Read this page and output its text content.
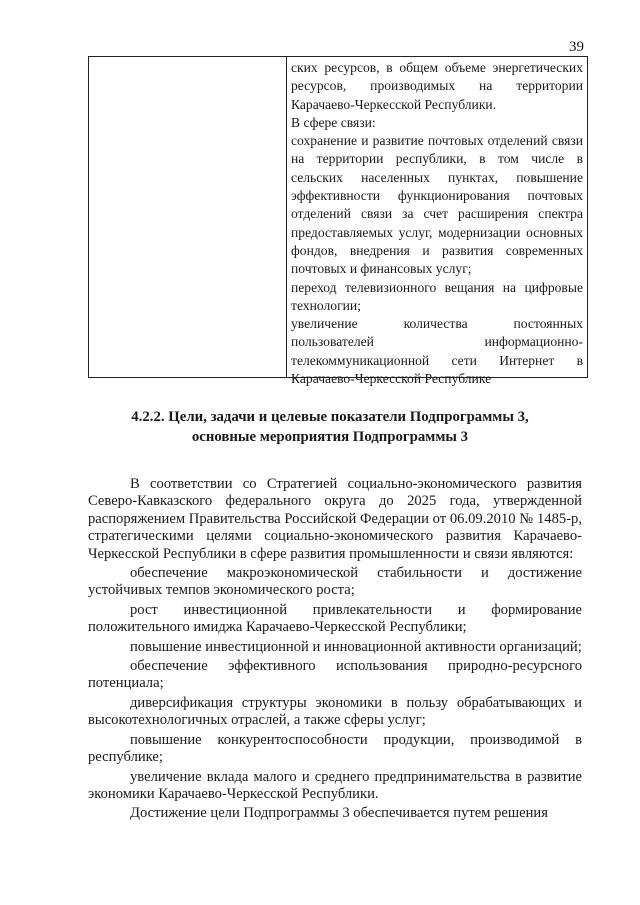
39

ских ресурсов, в общем объеме энергетических ресурсов, производимых на территории Карачаево-Черкесской Республики.

В сфере связи:

сохранение и развитие почтовых отделений связи на территории республики, в том числе в сельских населенных пунктах, повышение эффективности функционирования почтовых отделений связи за счет расширения спектра предоставляемых услуг, модернизации основных фондов, внедрения и развития современных почтовых и финансовых услуг;

переход телевизионного вещания на цифровые технологии;

увеличение количества постоянных пользователей информационно-телекоммуникационной сети Интернет в Карачаево-Черкесской Республике

4.2.2. Цели, задачи и целевые показатели Подпрограммы 3,
основные мероприятия Подпрограммы 3

В соответствии со Стратегией социально-экономического развития Северо-Кавказского федерального округа до 2025 года, утвержденной распоряжением Правительства Российской Федерации от 06.09.2010 № 1485-р, стратегическими целями социально-экономического развития Карачаево-Черкесской Республики в сфере развития промышленности и связи являются:

обеспечение макроэкономической стабильности и достижение устойчивых темпов экономического роста;

рост инвестиционной привлекательности и формирование положительного имиджа Карачаево-Черкесской Республики;

повышение инвестиционной и инновационной активности организаций;

обеспечение эффективного использования природно-ресурсного потенциала;

диверсификация структуры экономики в пользу обрабатывающих и высокотехнологичных отраслей, а также сферы услуг;

повышение конкурентоспособности продукции, производимой в республике;

увеличение вклада малого и среднего предпринимательства в развитие экономики Карачаево-Черкесской Республики.

Достижение цели Подпрограммы 3 обеспечивается путем решения
